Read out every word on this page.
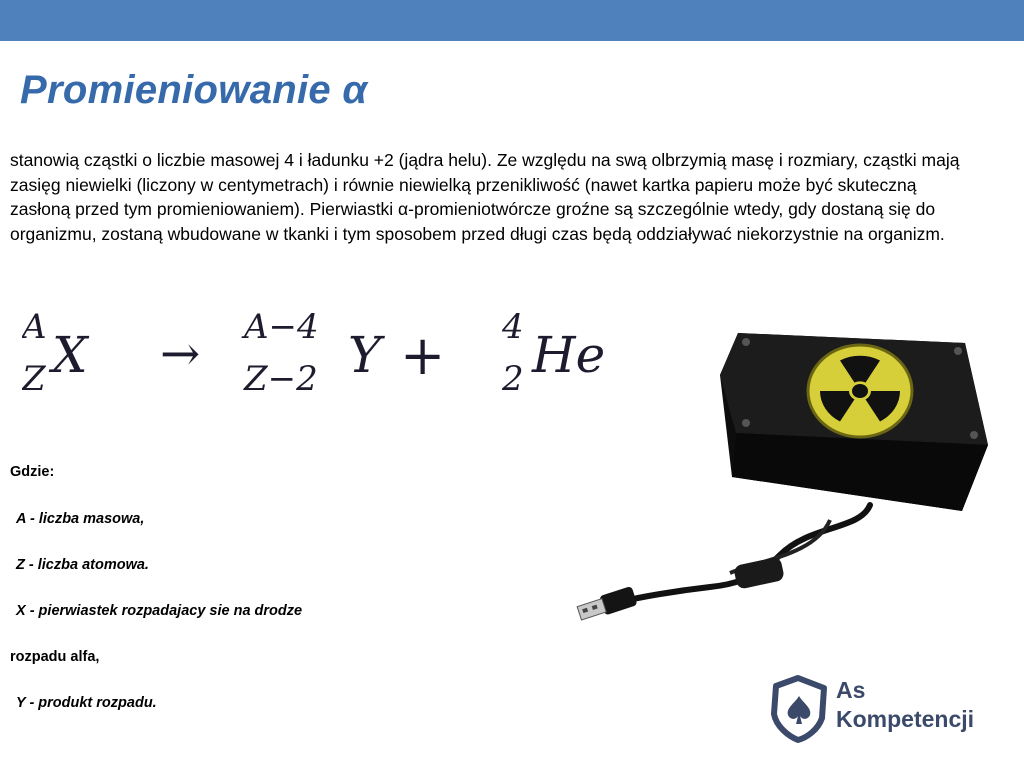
Promieniowanie α

stanowią cząstki o liczbie masowej 4 i ładunku +2 (jądra helu). Ze względu na swą olbrzymią masę i rozmiary, cząstki mają zasięg niewielki (liczony w centymetrach) i równie niewielką przenikliwość (nawet kartka papieru może być skuteczną zasłoną przed tym promieniowaniem). Pierwiastki α-promieniotwórcze groźne są szczególnie wtedy, gdy dostaną się do organizmu, zostaną wbudowane w tkanki i tym sposobem przed długi czas będą oddziaływać niekorzystnie na organizm.

A
Z X → A−4
Z−2 Y + 4
2 He

Gdzie:

A - liczba masowa,

Z - liczba atomowa.

X - pierwiastek rozpadajacy sie na drodze

rozpadu alfa,

Y - produkt rozpadu.	As
Kompetencji
